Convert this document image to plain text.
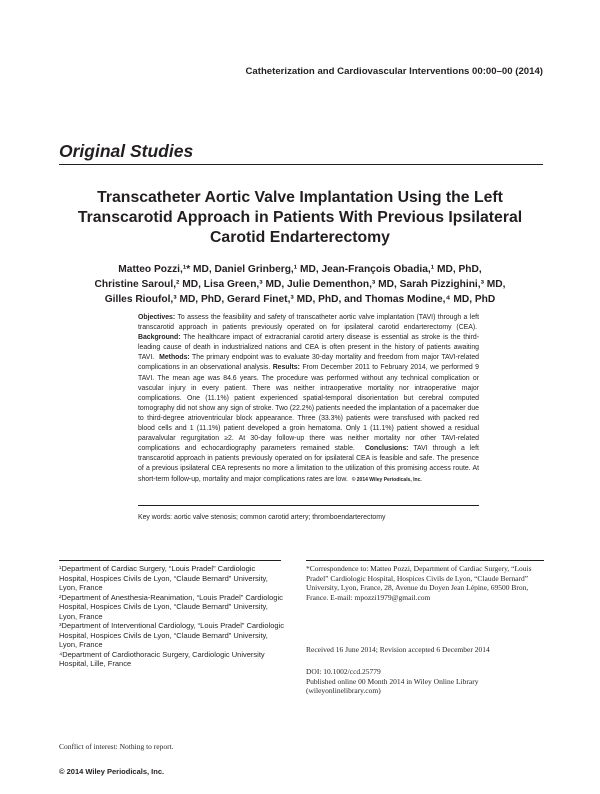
Catheterization and Cardiovascular Interventions 00:00–00 (2014)
Original Studies
Transcatheter Aortic Valve Implantation Using the Left Transcarotid Approach in Patients With Previous Ipsilateral Carotid Endarterectomy
Matteo Pozzi,¹* MD, Daniel Grinberg,¹ MD, Jean-François Obadia,¹ MD, PhD,
Christine Saroul,² MD, Lisa Green,³ MD, Julie Dementhon,³ MD, Sarah Pizzighini,³ MD,
Gilles Rioufol,³ MD, PhD, Gerard Finet,³ MD, PhD, and Thomas Modine,⁴ MD, PhD
Objectives: To assess the feasibility and safety of transcatheter aortic valve implantation (TAVI) through a left transcarotid approach in patients previously operated on for ipsilateral carotid endarterectomy (CEA).  Background: The healthcare impact of extracranial carotid artery disease is essential as stroke is the third-leading cause of death in industrialized nations and CEA is often present in the history of patients awaiting TAVI. Methods: The primary endpoint was to evaluate 30-day mortality and freedom from major TAVI-related complications in an observational analysis. Results: From December 2011 to February 2014, we performed 9 TAVI. The mean age was 84.6 years. The procedure was performed without any technical complication or vascular injury in every patient. There was neither intraoperative mortality nor intraoperative major complications. One (11.1%) patient experienced spatial-temporal disorientation but cerebral computed tomography did not show any sign of stroke. Two (22.2%) patients needed the implantation of a pacemaker due to third-degree atrioventricular block appearance. Three (33.3%) patients were transfused with packed red blood cells and 1 (11.1%) patient developed a groin hematoma. Only 1 (11.1%) patient showed a residual paravalvular regurgitation ≥2. At 30-day follow-up there was neither mortality nor other TAVI-related complications and echocardiography parameters remained stable. Conclusions: TAVI through a left transcarotid approach in patients previously operated on for ipsilateral CEA is feasible and safe. The presence of a previous ipsilateral CEA represents no more a limitation to the utilization of this promising access route. At short-term follow-up, mortality and major complications rates are low. © 2014 Wiley Periodicals, Inc.
Key words: aortic valve stenosis; common carotid artery; thromboendarterectomy
¹Department of Cardiac Surgery, “Louis Pradel” Cardiologic Hospital, Hospices Civils de Lyon, “Claude Bernard” University, Lyon, France
²Department of Anesthesia-Reanimation, “Louis Pradel” Cardiologic Hospital, Hospices Civils de Lyon, “Claude Bernard” University, Lyon, France
³Department of Interventional Cardiology, “Louis Pradel” Cardiologic Hospital, Hospices Civils de Lyon, “Claude Bernard” University, Lyon, France
⁴Department of Cardiothoracic Surgery, Cardiologic University Hospital, Lille, France
Conflict of interest: Nothing to report.
© 2014 Wiley Periodicals, Inc.

*Correspondence to: Matteo Pozzi, Department of Cardiac Surgery, “Louis Pradel” Cardiologic Hospital, Hospices Civils de Lyon, “Claude Bernard” University, Lyon, France, 28, Avenue du Doyen Jean Lépine, 69500 Bron, France. E-mail: mpozzi1979@gmail.com

Received 16 June 2014; Revision accepted 6 December 2014

DOI: 10.1002/ccd.25779

Published online 00 Month 2014 in Wiley Online Library (wileyonlinelibrary.com)
